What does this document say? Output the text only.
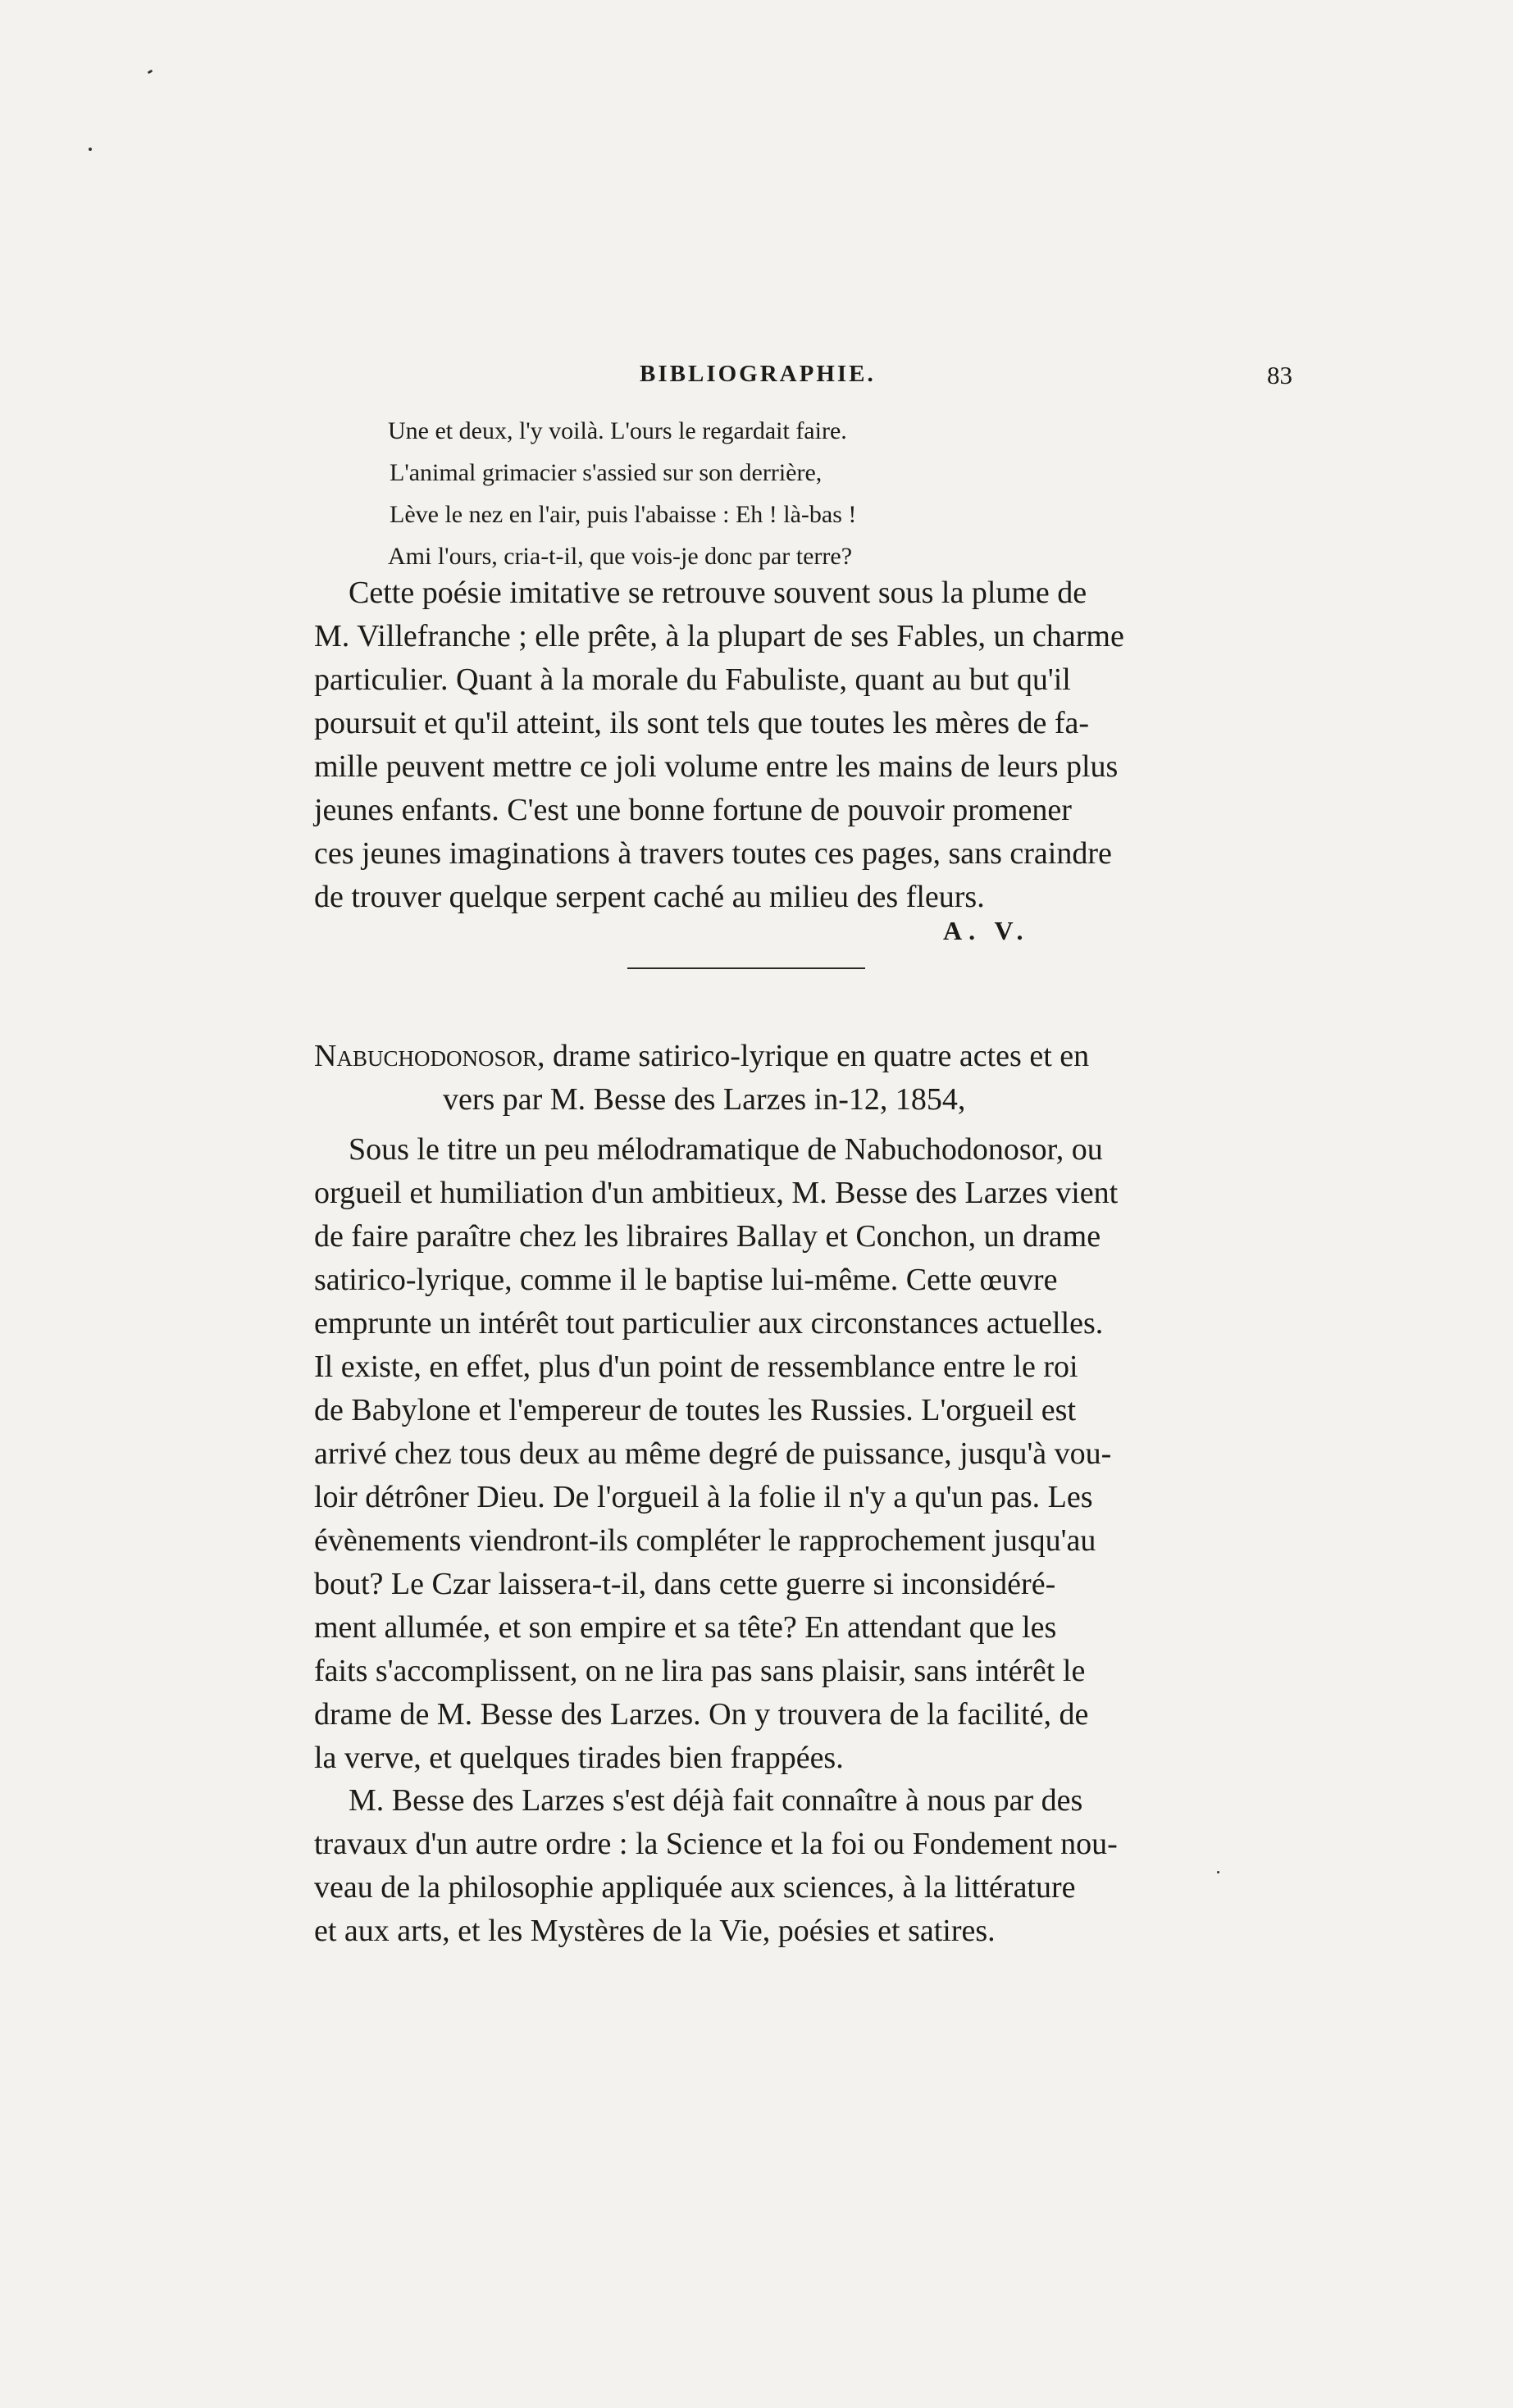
BIBLIOGRAPHIE.	83
Une et deux, l'y voilà. L'ours le regardait faire.
L'animal grimacier s'assied sur son derrière,
Lève le nez en l'air, puis l'abaisse : Eh ! là-bas !
Ami l'ours, cria-t-il, que vois-je donc par terre?
Cette poésie imitative se retrouve souvent sous la plume de
M. Villefranche ; elle prête, à la plupart de ses Fables, un charme
particulier. Quant à la morale du Fabuliste, quant au but qu'il
poursuit et qu'il atteint, ils sont tels que toutes les mères de fa-
mille peuvent mettre ce joli volume entre les mains de leurs plus
jeunes enfants. C'est une bonne fortune de pouvoir promener
ces jeunes imaginations à travers toutes ces pages, sans craindre
de trouver quelque serpent caché au milieu des fleurs.
A. V.
Nabuchodonosor, drame satirico-lyrique en quatre actes et en
vers par M. Besse des Larzes in-12, 1854,
Sous le titre un peu mélodramatique de Nabuchodonosor, ou
orgueil et humiliation d'un ambitieux, M. Besse des Larzes vient
de faire paraître chez les libraires Ballay et Conchon, un drame
satirico-lyrique, comme il le baptise lui-même. Cette œuvre
emprunte un intérêt tout particulier aux circonstances actuelles.
Il existe, en effet, plus d'un point de ressemblance entre le roi
de Babylone et l'empereur de toutes les Russies. L'orgueil est
arrivé chez tous deux au même degré de puissance, jusqu'à vou-
loir détrôner Dieu. De l'orgueil à la folie il n'y a qu'un pas. Les
évènements viendront-ils compléter le rapprochement jusqu'au
bout? Le Czar laissera-t-il, dans cette guerre si inconsidéré-
ment allumée, et son empire et sa tête? En attendant que les
faits s'accomplissent, on ne lira pas sans plaisir, sans intérêt le
drame de M. Besse des Larzes. On y trouvera de la facilité, de
la verve, et quelques tirades bien frappées.
M. Besse des Larzes s'est déjà fait connaître à nous par des
travaux d'un autre ordre : la Science et la foi ou Fondement nou-
veau de la philosophie appliquée aux sciences, à la littérature
et aux arts, et les Mystères de la Vie, poésies et satires.
